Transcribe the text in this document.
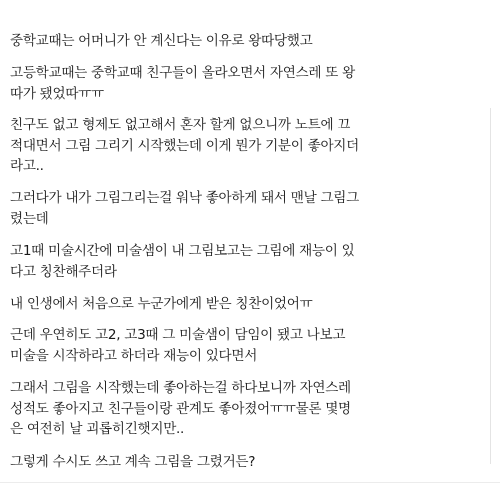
중학교때는 어머니가 안 계신다는 이유로 왕따당했고
고등학교때는 중학교때 친구들이 올라오면서 자연스레 또 왕
따가 됐었따ㅠㅠ
친구도 없고 형제도 없고해서 혼자 할게 없으니까 노트에 끄
적대면서 그림 그리기 시작했는데 이게 뭔가 기분이 좋아지더
라고..
그러다가 내가 그림그리는걸 워낙 좋아하게 돼서 맨날 그림그
렸는데
고1때 미술시간에 미술샘이 내 그림보고는 그림에 재능이 있
다고 칭찬해주더라
내 인생에서 처음으로 누군가에게 받은 칭찬이었어ㅠ
근데 우연히도 고2, 고3때 그 미술샘이 담임이 됐고 나보고
미술을 시작하라고 하더라 재능이 있다면서
그래서 그림을 시작했는데 좋아하는걸 하다보니까 자연스레
성적도 좋아지고 친구들이랑 관계도 좋아졌어ㅠㅠ물론 몇명
은 여전히 날 괴롭히긴햇지만..
그렇게 수시도 쓰고 계속 그림을 그렸거든?
